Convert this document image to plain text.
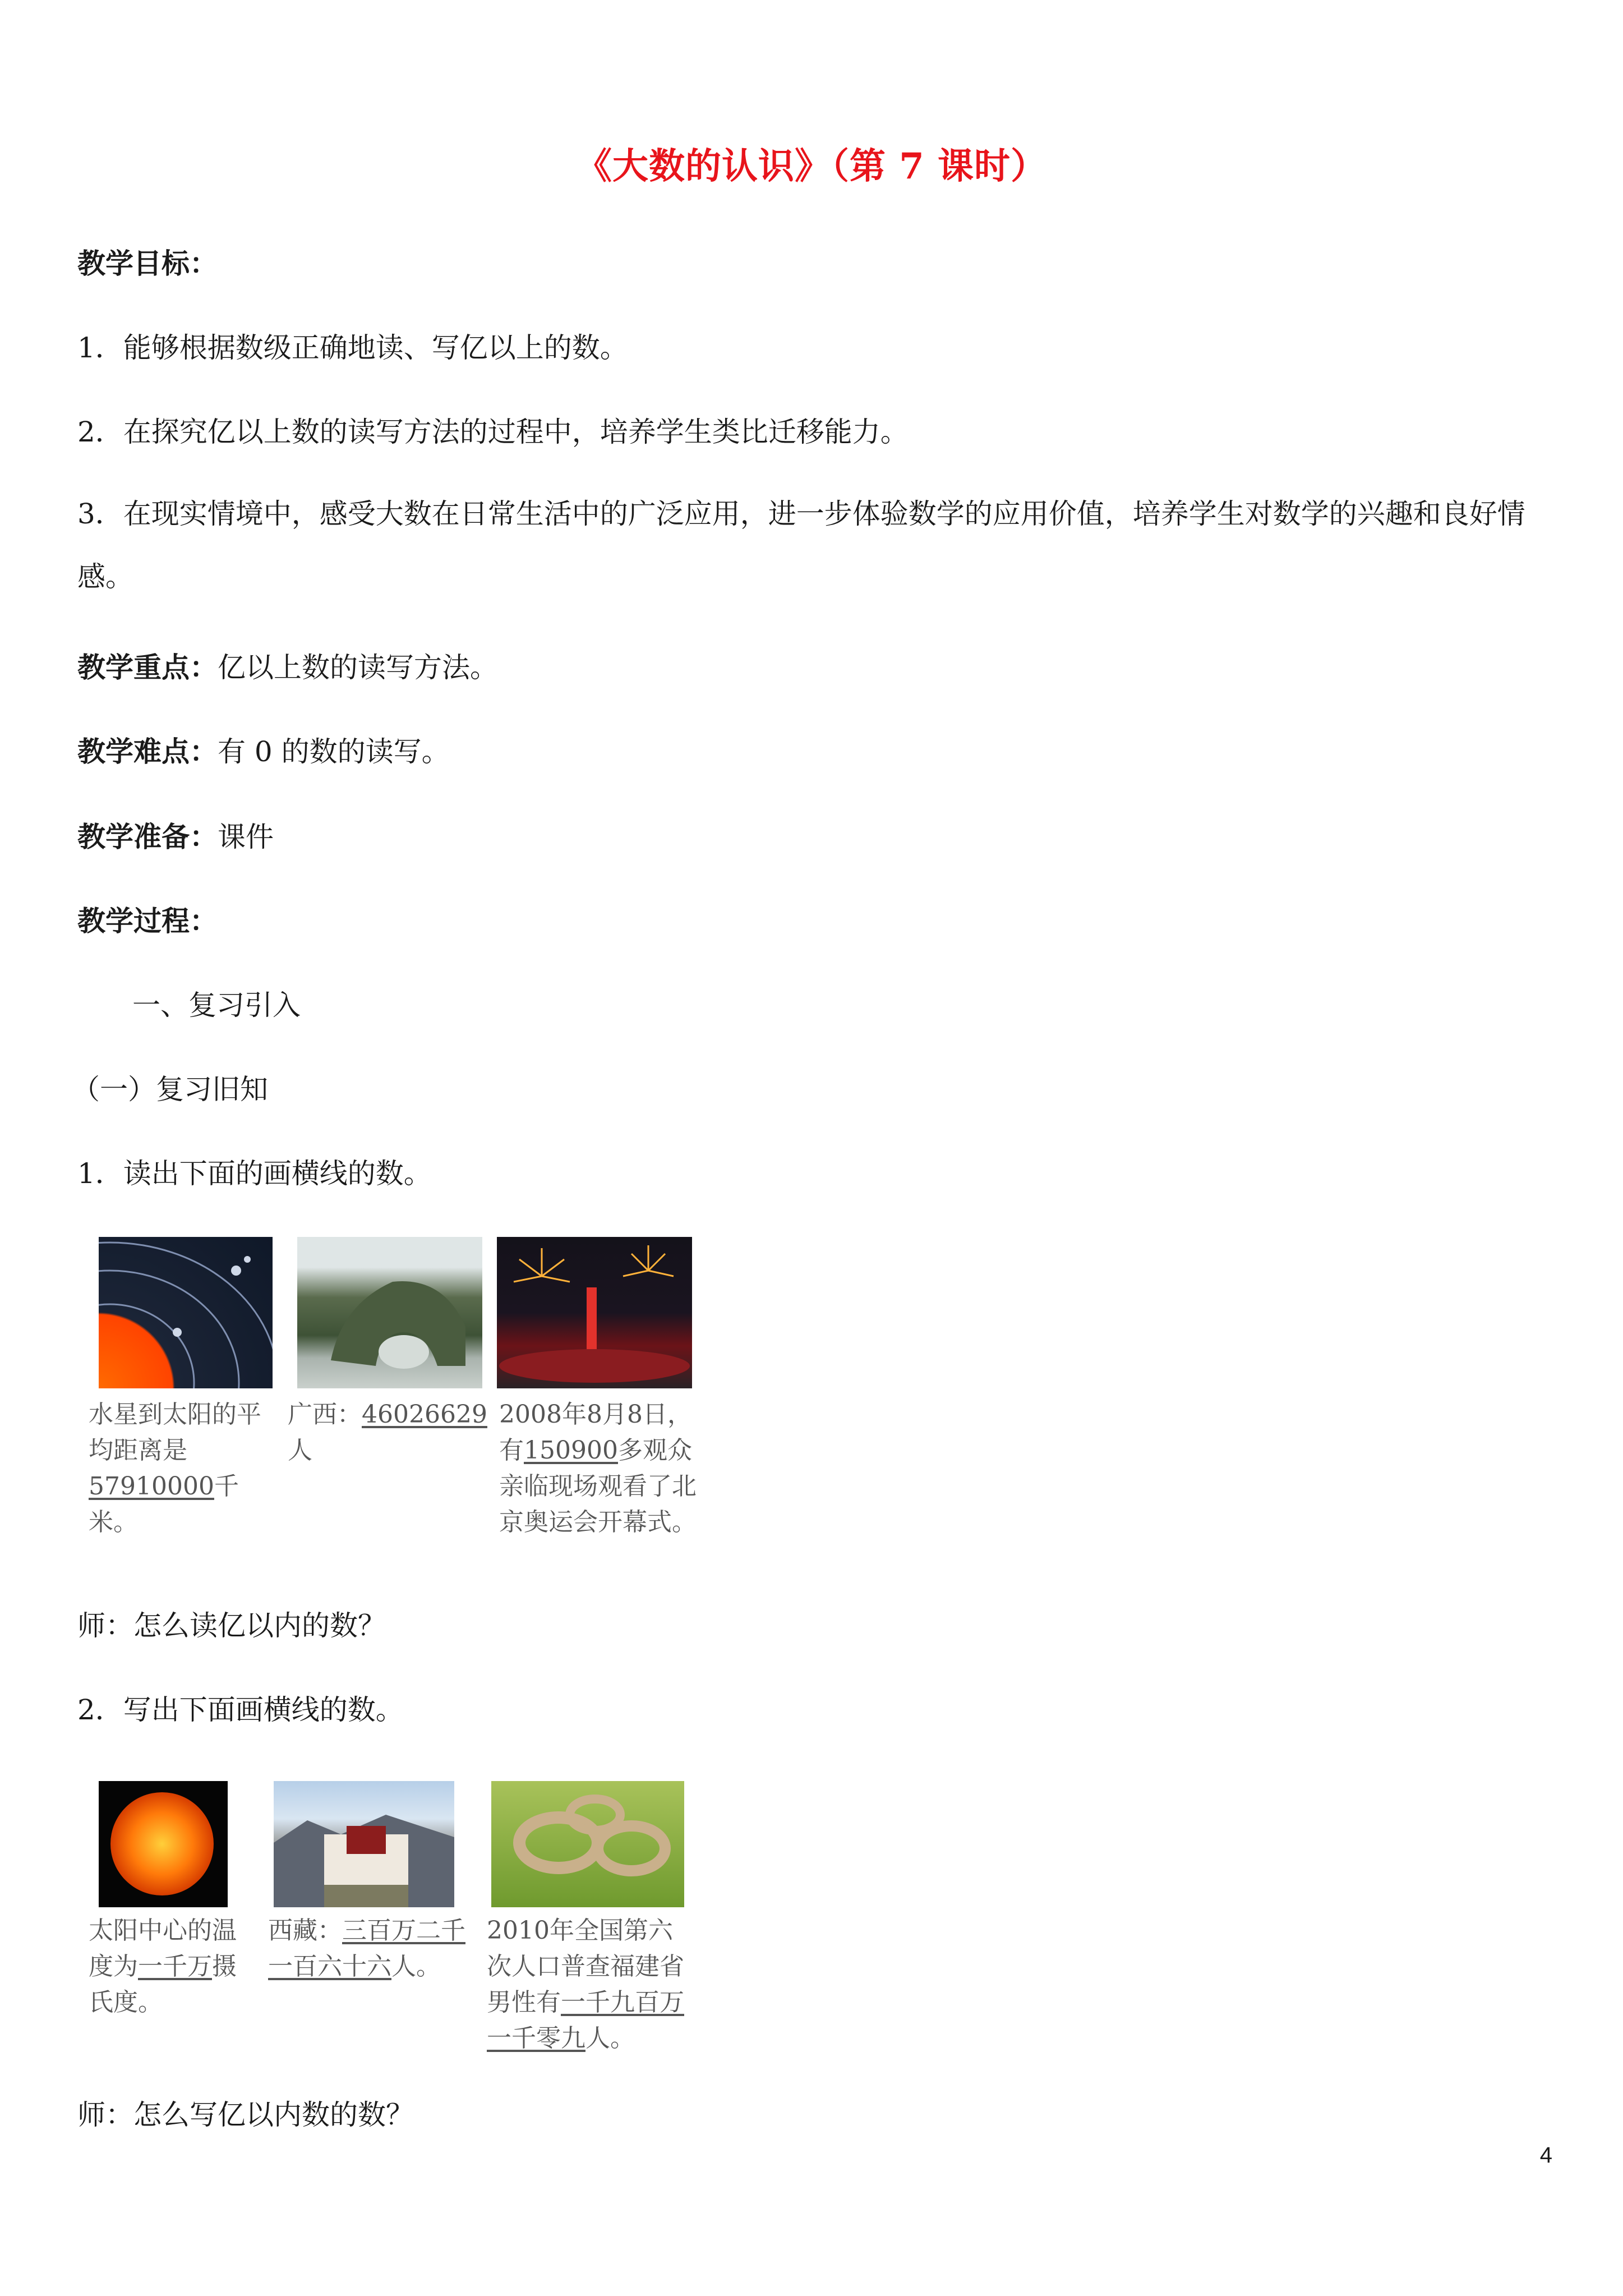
《大数的认识》（第 7 课时）
教学目标：
1．能够根据数级正确地读、写亿以上的数。
2．在探究亿以上数的读写方法的过程中，培养学生类比迁移能力。
3．在现实情境中，感受大数在日常生活中的广泛应用，进一步体验数学的应用价值，培养学生对数学的兴趣和良好情感。
教学重点：亿以上数的读写方法。
教学难点：有 0 的数的读写。
教学准备：课件
教学过程：
一、复习引入
（一）复习旧知
1．读出下面的画横线的数。
水星到太阳的平均距离是57910000千米。
广西：46026629人
2008年8月8日，有150900多观众亲临现场观看了北京奥运会开幕式。
师：怎么读亿以内的数？
2．写出下面画横线的数。
太阳中心的温度为一千万摄氏度。
西藏：三百万二千一百六十六人。
2010年全国第六次人口普查福建省男性有一千九百万一千零九人。
师：怎么写亿以内数的数？
4
